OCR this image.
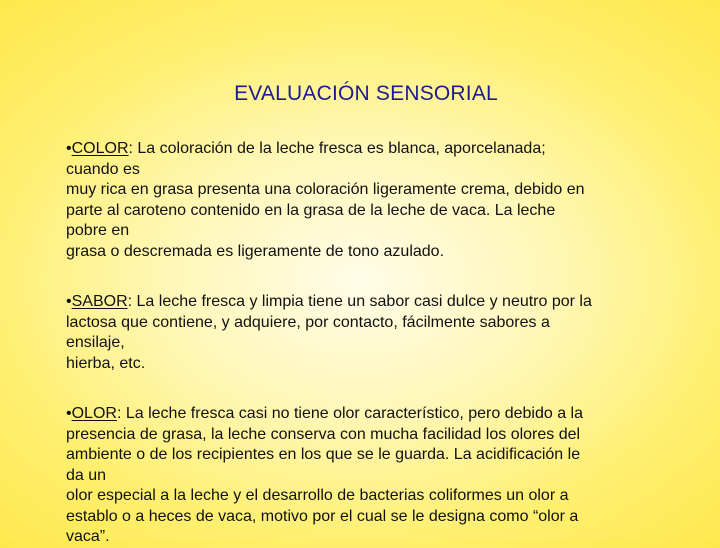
EVALUACIÓN SENSORIAL

•COLOR: La coloración de la leche fresca es blanca, aporcelanada;
cuando es
muy rica en grasa presenta una coloración ligeramente crema, debido en
parte al caroteno contenido en la grasa de la leche de vaca. La leche
pobre en
grasa o descremada es ligeramente de tono azulado.

•SABOR: La leche fresca y limpia tiene un sabor casi dulce y neutro por la
lactosa que contiene, y adquiere, por contacto, fácilmente sabores a
ensilaje,
hierba, etc.

•OLOR: La leche fresca casi no tiene olor característico, pero debido a la
presencia de grasa, la leche conserva con mucha facilidad los olores del
ambiente o de los recipientes en los que se le guarda. La acidificación le
da un
olor especial a la leche y el desarrollo de bacterias coliformes un olor a
establo o a heces de vaca, motivo por el cual se le designa como “olor a
vaca”.
